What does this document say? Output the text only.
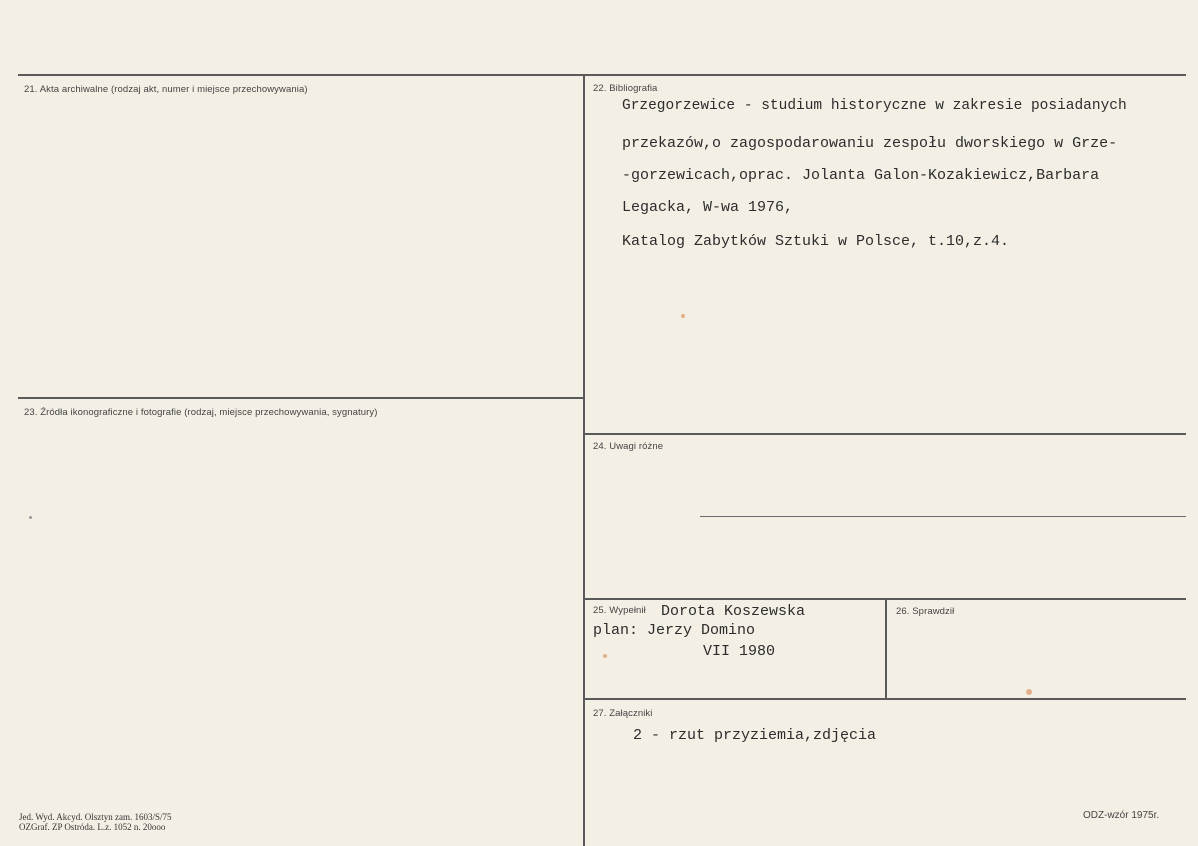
21. Akta archiwalne (rodzaj akt, numer i miejsce przechowywania)	22. Bibliografia
Grzegorzewice - studium historyczne w zakresie posiadanych
przekazów,o zagospodarowaniu zespołu dworskiego w Grze-
-gorzewicach,oprac. Jolanta Galon-Kozakiewicz,Barbara
Legacka, W-wa 1976,
Katalog Zabytków Sztuki w Polsce, t.10,z.4.
23. Źródła ikonograficzne i fotografie (rodzaj, miejsce przechowywania, sygnatury)
24. Uwagi różne
25. Wypełnił Dorota Koszewska
plan: Jerzy Domino
VII 1980
26. Sprawdził
27. Załączniki
2 - rzut przyziemia,zdjęcia
Jed. Wyd. Akcyd. Olsztyn zam. 1603/S/75
OZGraf. ZP Ostróda. L.z. 1052 n. 20ooo
ODZ-wzór 1975r.
